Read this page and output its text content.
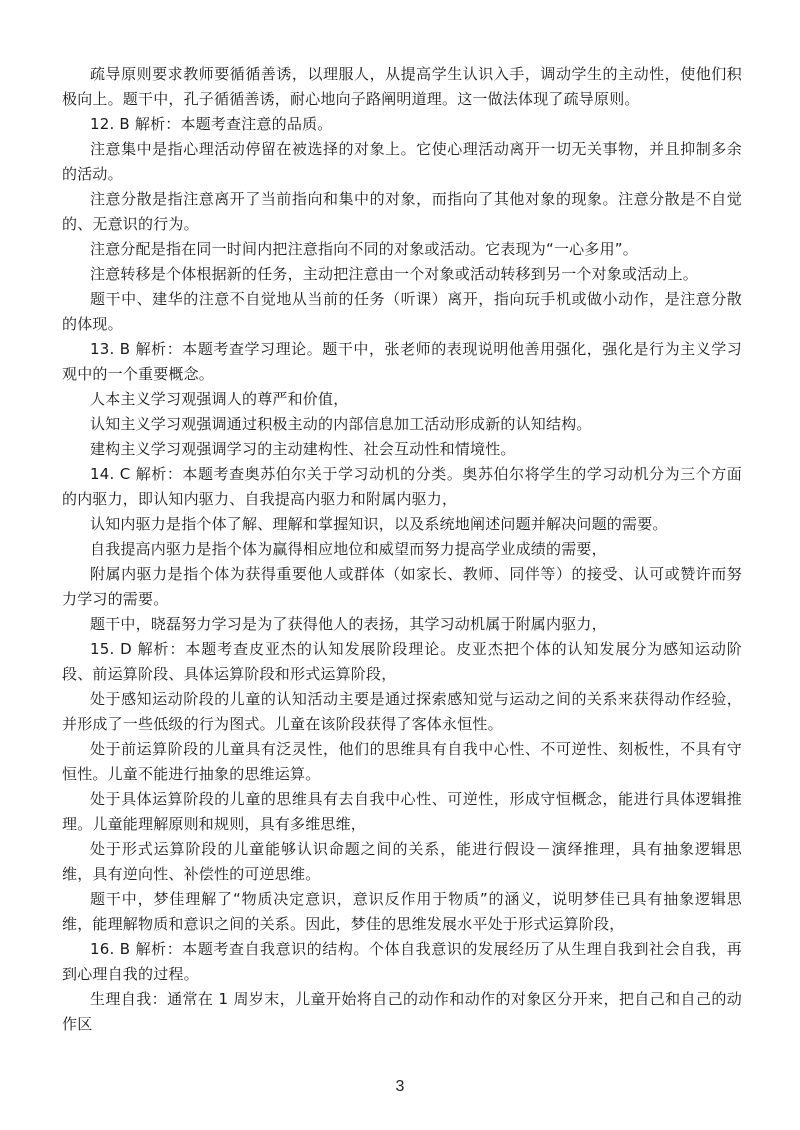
疏导原则要求教师要循循善诱，以理服人，从提高学生认识入手，调动学生的主动性，使他们积极向上。题干中，孔子循循善诱，耐心地向子路阐明道理。这一做法体现了疏导原则。

12. B 解析：本题考查注意的品质。

注意集中是指心理活动停留在被选择的对象上。它使心理活动离开一切无关事物，并且抑制多余的活动。

注意分散是指注意离开了当前指向和集中的对象，而指向了其他对象的现象。注意分散是不自觉的、无意识的行为。

注意分配是指在同一时间内把注意指向不同的对象或活动。它表现为“一心多用”。

注意转移是个体根据新的任务，主动把注意由一个对象或活动转移到另一个对象或活动上。

题干中、建华的注意不自觉地从当前的任务（听课）离开，指向玩手机或做小动作，是注意分散的体现。

13. B 解析：本题考查学习理论。题干中，张老师的表现说明他善用强化，强化是行为主义学习观中的一个重要概念。

人本主义学习观强调人的尊严和价值，

认知主义学习观强调通过积极主动的内部信息加工活动形成新的认知结构。

建构主义学习观强调学习的主动建构性、社会互动性和情境性。

14. C 解析：本题考查奥苏伯尔关于学习动机的分类。奥苏伯尔将学生的学习动机分为三个方面的内驱力，即认知内驱力、自我提高内驱力和附属内驱力，

认知内驱力是指个体了解、理解和掌握知识，以及系统地阐述问题并解决问题的需要。

自我提高内驱力是指个体为赢得相应地位和威望而努力提高学业成绩的需要，

附属内驱力是指个体为获得重要他人或群体（如家长、教师、同伴等）的接受、认可或赞许而努力学习的需要。

题干中，晓磊努力学习是为了获得他人的表扬，其学习动机属于附属内驱力，

15. D 解析：本题考查皮亚杰的认知发展阶段理论。皮亚杰把个体的认知发展分为感知运动阶段、前运算阶段、具体运算阶段和形式运算阶段，

处于感知运动阶段的儿童的认知活动主要是通过探索感知觉与运动之间的关系来获得动作经验，并形成了一些低级的行为图式。儿童在该阶段获得了客体永恒性。

处于前运算阶段的儿童具有泛灵性，他们的思维具有自我中心性、不可逆性、刻板性，不具有守恒性。儿童不能进行抽象的思维运算。

处于具体运算阶段的儿童的思维具有去自我中心性、可逆性，形成守恒概念，能进行具体逻辑推理。儿童能理解原则和规则，具有多维思维，

处于形式运算阶段的儿童能够认识命题之间的关系，能进行假设－演绎推理，具有抽象逻辑思维，具有逆向性、补偿性的可逆思维。

题干中，梦佳理解了“物质决定意识，意识反作用于物质”的涵义，说明梦佳已具有抽象逻辑思维，能理解物质和意识之间的关系。因此，梦佳的思维发展水平处于形式运算阶段，

16. B 解析：本题考查自我意识的结构。个体自我意识的发展经历了从生理自我到社会自我，再到心理自我的过程。

生理自我：通常在 1 周岁末，儿童开始将自己的动作和动作的对象区分开来，把自己和自己的动作区

3
